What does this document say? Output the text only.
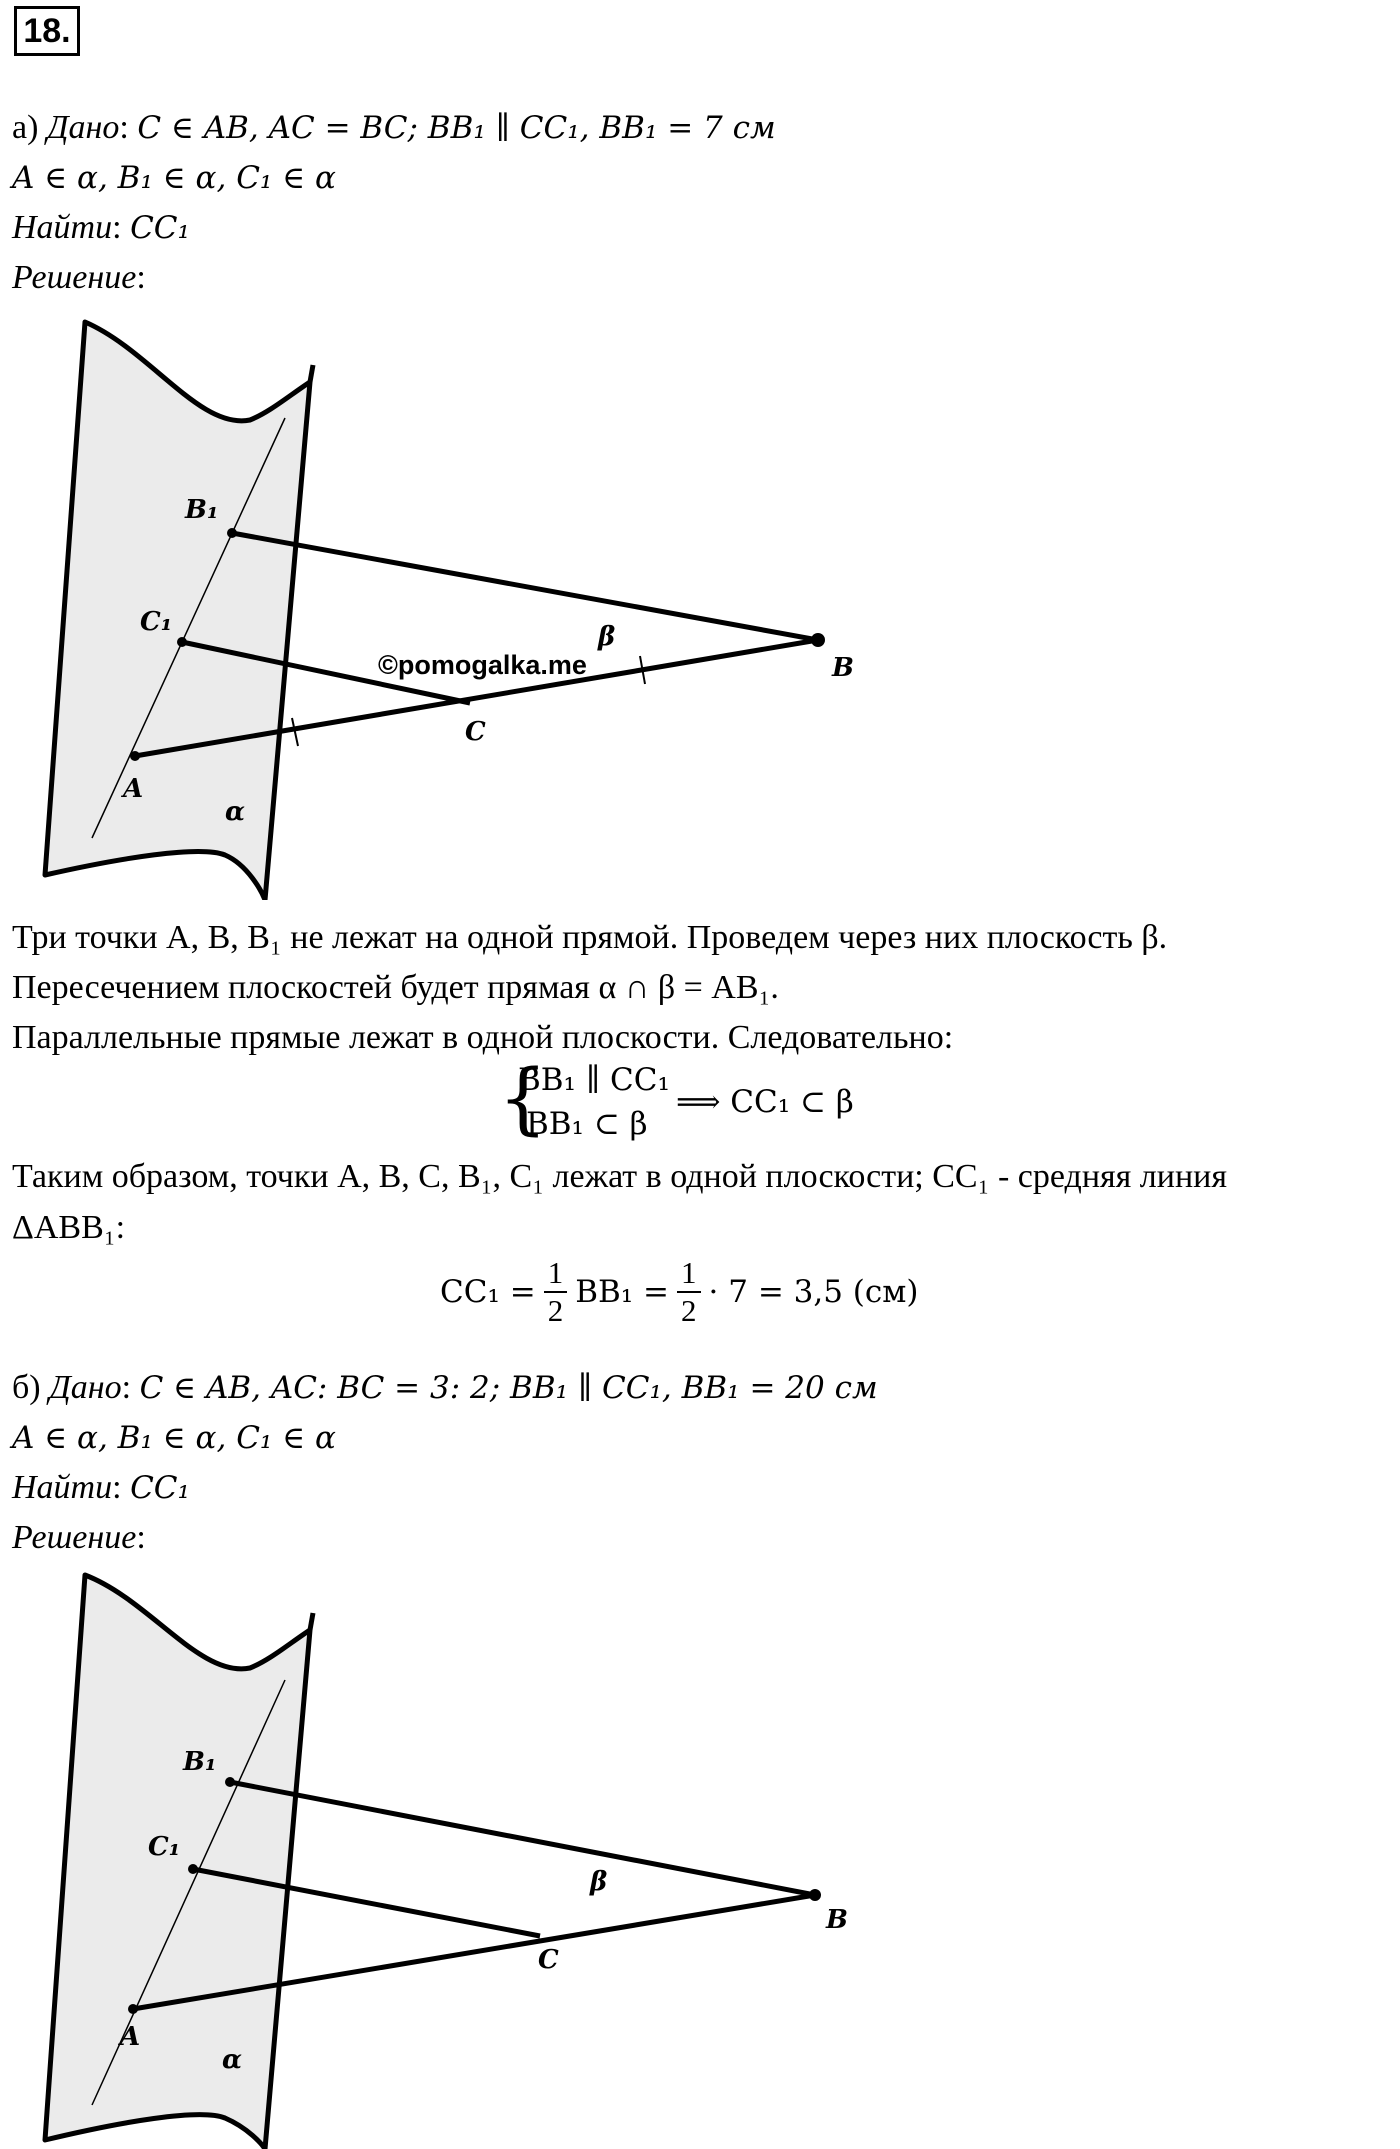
18.
а) Дано: C ∈ AB, AC = BC; BB₁ ∥ CC₁, BB₁ = 7 см
A ∈ α, B₁ ∈ α, C₁ ∈ α
Найти: CC₁
Решение:
B₁
C₁
A
B
C
β
α
©pomogalka.me
Три точки A, B, B₁ не лежат на одной прямой. Проведем через них плоскость β.
Пересечением плоскостей будет прямая α ∩ β = AB₁.
Параллельные прямые лежат в одной плоскости. Следовательно:
{
BB₁ ∥ CC₁
BB₁ ⊂ β
⟹ CC₁ ⊂ β
Таким образом, точки A, B, C, B₁, C₁ лежат в одной плоскости; CC₁ - средняя линия
ΔABB₁:
$CC_1 = \frac{1}{2} BB_1 = \frac{1}{2} \cdot 7 = 3,5$ (см)
б) Дано: C ∈ AB, AC: BC = 3: 2; BB₁ ∥ CC₁, BB₁ = 20 см
A ∈ α, B₁ ∈ α, C₁ ∈ α
Найти: CC₁
Решение:
B₁
C₁
A
B
C
β
α
